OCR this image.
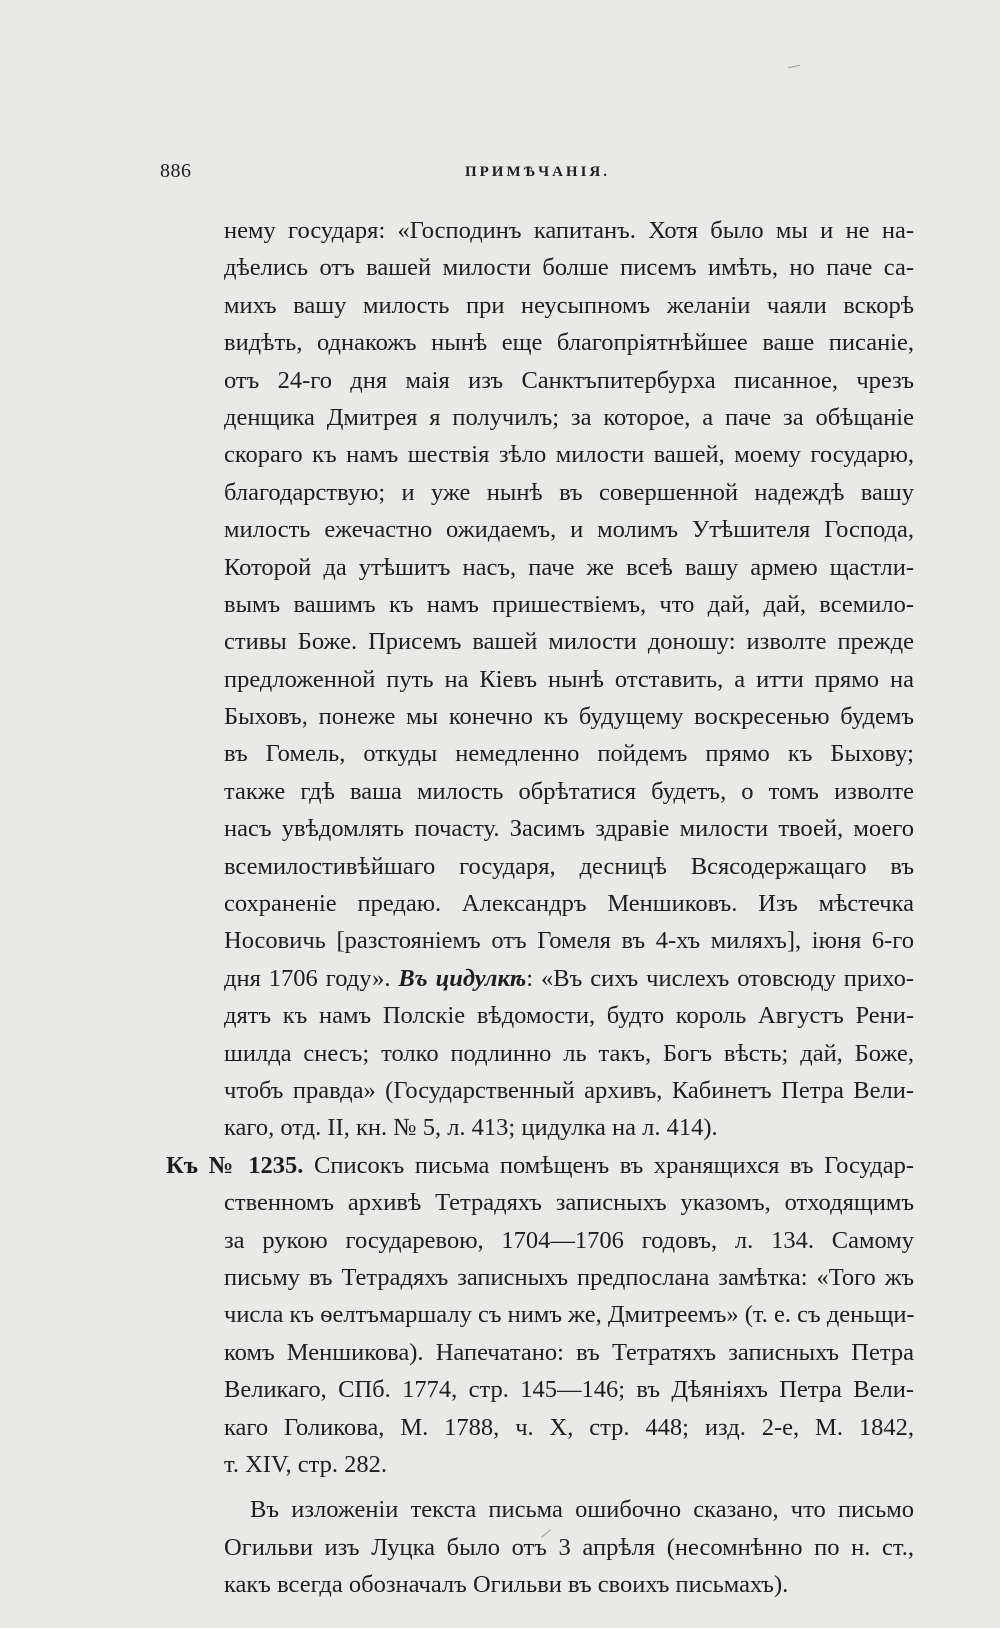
886	ПРИМѢЧАНІЯ.
нему государя: «Господинъ капитанъ. Хотя было мы и не на-
дѣелись отъ вашей милости болше писемъ имѣть, но паче са-
михъ вашу милость при неусыпномъ желаніи чаяли вскорѣ
видѣть, однакожъ нынѣ еще благопріятнѣйшее ваше писаніе,
отъ 24-го дня маія изъ Санктъпитербурха писанное, чрезъ
денщика Дмитрея я получилъ; за которое, а паче за обѣщаніе
скораго къ намъ шествія зѣло милости вашей, моему государю,
благодарствую; и уже нынѣ въ совершенной надеждѣ вашу
милость ежечастно ожидаемъ, и молимъ Утѣшителя Господа,
Которой да утѣшитъ насъ, паче же всеѣ вашу армею щастли-
вымъ вашимъ къ намъ пришествіемъ, что дай, дай, всемило-
стивы Боже. Присемъ вашей милости доношу: изволте прежде
предложенной путь на Кіевъ нынѣ отставить, а итти прямо на
Быховъ, понеже мы конечно къ будущему воскресенью будемъ
въ Гомель, откуды немедленно пойдемъ прямо къ Быхову;
также гдѣ ваша милость обрѣтатися будетъ, о томъ изволте
насъ увѣдомлять почасту. Засимъ здравіе милости твоей, моего
всемилостивѣйшаго государя, десницѣ Всясодержащаго въ
сохраненіе предаю. Александръ Меншиковъ. Изъ мѣстечка
Носовичь [разстояніемъ отъ Гомеля въ 4-хъ миляхъ], іюня 6-го
дня 1706 году». Въ цидулкѣ: «Въ сихъ числехъ отовсюду прихо-
дятъ къ намъ Полскіе вѣдомости, будто король Августъ Рени-
шилда снесъ; толко подлинно ль такъ, Богъ вѣсть; дай, Боже,
чтобъ правда» (Государственный архивъ, Кабинетъ Петра Вели-
каго, отд. II, кн. № 5, л. 413; цидулка на л. 414).
Къ № 1235. Списокъ письма помѣщенъ въ хранящихся въ Государ-
ственномъ архивѣ Тетрадяхъ записныхъ указомъ, отходящимъ
за рукою государевою, 1704—1706 годовъ, л. 134. Самому
письму въ Тетрадяхъ записныхъ предпослана замѣтка: «Того жъ
числа къ ѳелтъмаршалу съ нимъ же, Дмитреемъ» (т. е. съ деньщи-
комъ Меншикова). Напечатано: въ Тетратяхъ записныхъ Петра
Великаго, СПб. 1774, стр. 145—146; въ Дѣяніяхъ Петра Вели-
каго Голикова, М. 1788, ч. X, стр. 448; изд. 2-е, М. 1842,
т. XIV, стр. 282.
Въ изложеніи текста письма ошибочно сказано, что письмо
Огильви изъ Луцка было отъ 3 апрѣля (несомнѣнно по н. ст.,
какъ всегда обозначалъ Огильви въ своихъ письмахъ).
